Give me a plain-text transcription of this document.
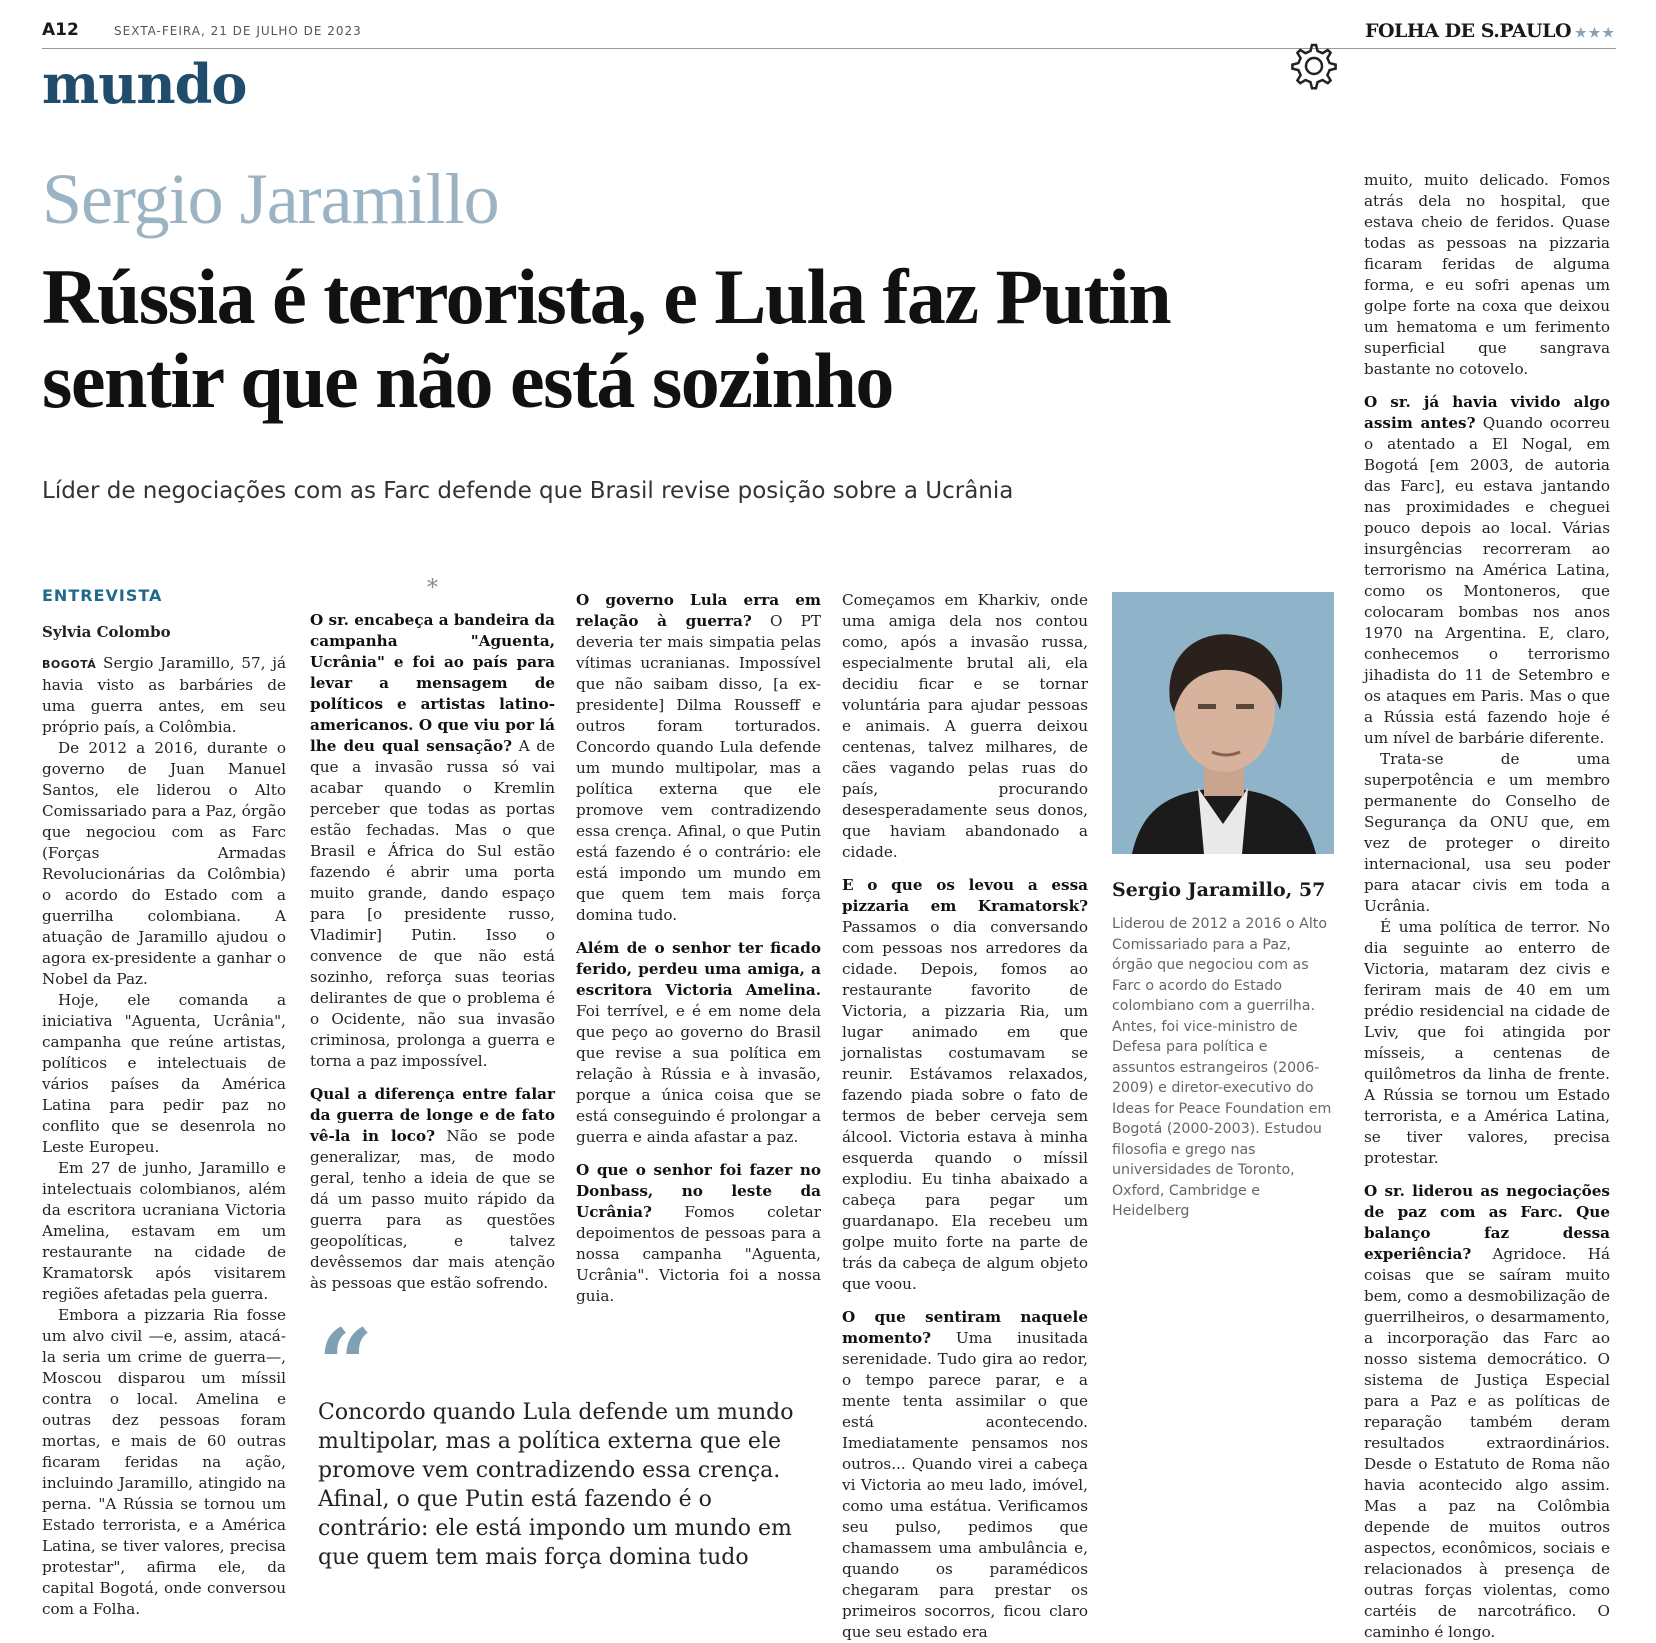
A12	SEXTA-FEIRA, 21 DE JULHO DE 2023	FOLHA DE S.PAULO ★★★
mundo
Sergio Jaramillo
Rússia é terrorista, e Lula faz Putin sentir que não está sozinho
Líder de negociações com as Farc defende que Brasil revise posição sobre a Ucrânia
ENTREVISTA
Sylvia Colombo

BOGOTÁ Sergio Jaramillo, 57, já havia visto as barbáries de uma guerra antes, em seu próprio país, a Colômbia.

De 2012 a 2016, durante o governo de Juan Manuel Santos, ele liderou o Alto Comissariado para a Paz, órgão que negociou com as Farc (Forças Armadas Revolucionárias da Colômbia) o acordo do Estado com a guerrilha colombiana. A atuação de Jaramillo ajudou o agora ex-presidente a ganhar o Nobel da Paz.

Hoje, ele comanda a iniciativa "Aguenta, Ucrânia", campanha que reúne artistas, políticos e intelectuais de vários países da América Latina para pedir paz no conflito que se desenrola no Leste Europeu.

Em 27 de junho, Jaramillo e intelectuais colombianos, além da escritora ucraniana Victoria Amelina, estavam em um restaurante na cidade de Kramatorsk após visitarem regiões afetadas pela guerra.

Embora a pizzaria Ria fosse um alvo civil —e, assim, atacá-la seria um crime de guerra—, Moscou disparou um míssil contra o local. Amelina e outras dez pessoas foram mortas, e mais de 60 outras ficaram feridas na ação, incluindo Jaramillo, atingido na perna. "A Rússia se tornou um Estado terrorista, e a América Latina, se tiver valores, precisa protestar", afirma ele, da capital Bogotá, onde conversou com a Folha.

*

O sr. encabeça a bandeira da campanha "Aguenta, Ucrânia" e foi ao país para levar a mensagem de políticos e artistas latino-americanos. O que viu por lá lhe deu qual sensação? A de que a invasão russa só vai acabar quando o Kremlin perceber que todas as portas estão fechadas. Mas o que Brasil e África do Sul estão fazendo é abrir uma porta muito grande, dando espaço para [o presidente russo, Vladimir] Putin. Isso o convence de que não está sozinho, reforça suas teorias delirantes de que o problema é o Ocidente, não sua invasão criminosa, prolonga a guerra e torna a paz impossível.

Qual a diferença entre falar da guerra de longe e de fato vê-la in loco? Não se pode generalizar, mas, de modo geral, tenho a ideia de que se dá um passo muito rápido da guerra para as questões geopolíticas, e talvez devêssemos dar mais atenção às pessoas que estão sofrendo.

O governo Lula erra em relação à guerra? O PT deveria ter mais simpatia pelas vítimas ucranianas. Impossível que não saibam disso, [a ex-presidente] Dilma Rousseff e outros foram torturados. Concordo quando Lula defende um mundo multipolar, mas a política externa que ele promove vem contradizendo essa crença. Afinal, o que Putin está fazendo é o contrário: ele está impondo um mundo em que quem tem mais força domina tudo.

Além de o senhor ter ficado ferido, perdeu uma amiga, a escritora Victoria Amelina. Foi terrível, e é em nome dela que peço ao governo do Brasil que revise a sua política em relação à Rússia e à invasão, porque a única coisa que se está conseguindo é prolongar a guerra e ainda afastar a paz.

O que o senhor foi fazer no Donbass, no leste da Ucrânia? Fomos coletar depoimentos de pessoas para a nossa campanha "Aguenta, Ucrânia". Victoria foi a nossa guia.

“
Concordo quando Lula defende um mundo multipolar, mas a política externa que ele promove vem contradizendo essa crença. Afinal, o que Putin está fazendo é o contrário: ele está impondo um mundo em que quem tem mais força domina tudo

Começamos em Kharkiv, onde uma amiga dela nos contou como, após a invasão russa, especialmente brutal ali, ela decidiu ficar e se tornar voluntária para ajudar pessoas e animais. A guerra deixou centenas, talvez milhares, de cães vagando pelas ruas do país, procurando desesperadamente seus donos, que haviam abandonado a cidade.

E o que os levou a essa pizzaria em Kramatorsk? Passamos o dia conversando com pessoas nos arredores da cidade. Depois, fomos ao restaurante favorito de Victoria, a pizzaria Ria, um lugar animado em que jornalistas costumavam se reunir. Estávamos relaxados, fazendo piada sobre o fato de termos de beber cerveja sem álcool. Victoria estava à minha esquerda quando o míssil explodiu. Eu tinha abaixado a cabeça para pegar um guardanapo. Ela recebeu um golpe muito forte na parte de trás da cabeça de algum objeto que voou.

O que sentiram naquele momento? Uma inusitada serenidade. Tudo gira ao redor, o tempo parece parar, e a mente tenta assimilar o que está acontecendo. Imediatamente pensamos nos outros... Quando virei a cabeça vi Victoria ao meu lado, imóvel, como uma estátua. Verificamos seu pulso, pedimos que chamassem uma ambulância e, quando os paramédicos chegaram para prestar os primeiros socorros, ficou claro que seu estado era

Sergio Jaramillo, 57
Liderou de 2012 a 2016 o Alto Comissariado para a Paz, órgão que negociou com as Farc o acordo do Estado colombiano com a guerrilha. Antes, foi vice-ministro de Defesa para política e assuntos estrangeiros (2006-2009) e diretor-executivo do Ideas for Peace Foundation em Bogotá (2000-2003). Estudou filosofia e grego nas universidades de Toronto, Oxford, Cambridge e Heidelberg

muito, muito delicado. Fomos atrás dela no hospital, que estava cheio de feridos. Quase todas as pessoas na pizzaria ficaram feridas de alguma forma, e eu sofri apenas um golpe forte na coxa que deixou um hematoma e um ferimento superficial que sangrava bastante no cotovelo.

O sr. já havia vivido algo assim antes? Quando ocorreu o atentado a El Nogal, em Bogotá [em 2003, de autoria das Farc], eu estava jantando nas proximidades e cheguei pouco depois ao local. Várias insurgências recorreram ao terrorismo na América Latina, como os Montoneros, que colocaram bombas nos anos 1970 na Argentina. E, claro, conhecemos o terrorismo jihadista do 11 de Setembro e os ataques em Paris. Mas o que a Rússia está fazendo hoje é um nível de barbárie diferente.

Trata-se de uma superpotência e um membro permanente do Conselho de Segurança da ONU que, em vez de proteger o direito internacional, usa seu poder para atacar civis em toda a Ucrânia.

É uma política de terror. No dia seguinte ao enterro de Victoria, mataram dez civis e feriram mais de 40 em um prédio residencial na cidade de Lviv, que foi atingida por mísseis, a centenas de quilômetros da linha de frente. A Rússia se tornou um Estado terrorista, e a América Latina, se tiver valores, precisa protestar.

O sr. liderou as negociações de paz com as Farc. Que balanço faz dessa experiência? Agridoce. Há coisas que se saíram muito bem, como a desmobilização de guerrilheiros, o desarmamento, a incorporação das Farc ao nosso sistema democrático. O sistema de Justiça Especial para a Paz e as políticas de reparação também deram resultados extraordinários. Desde o Estatuto de Roma não havia acontecido algo assim. Mas a paz na Colômbia depende de muitos outros aspectos, econômicos, sociais e relacionados à presença de outras forças violentas, como cartéis de narcotráfico. O caminho é longo.
